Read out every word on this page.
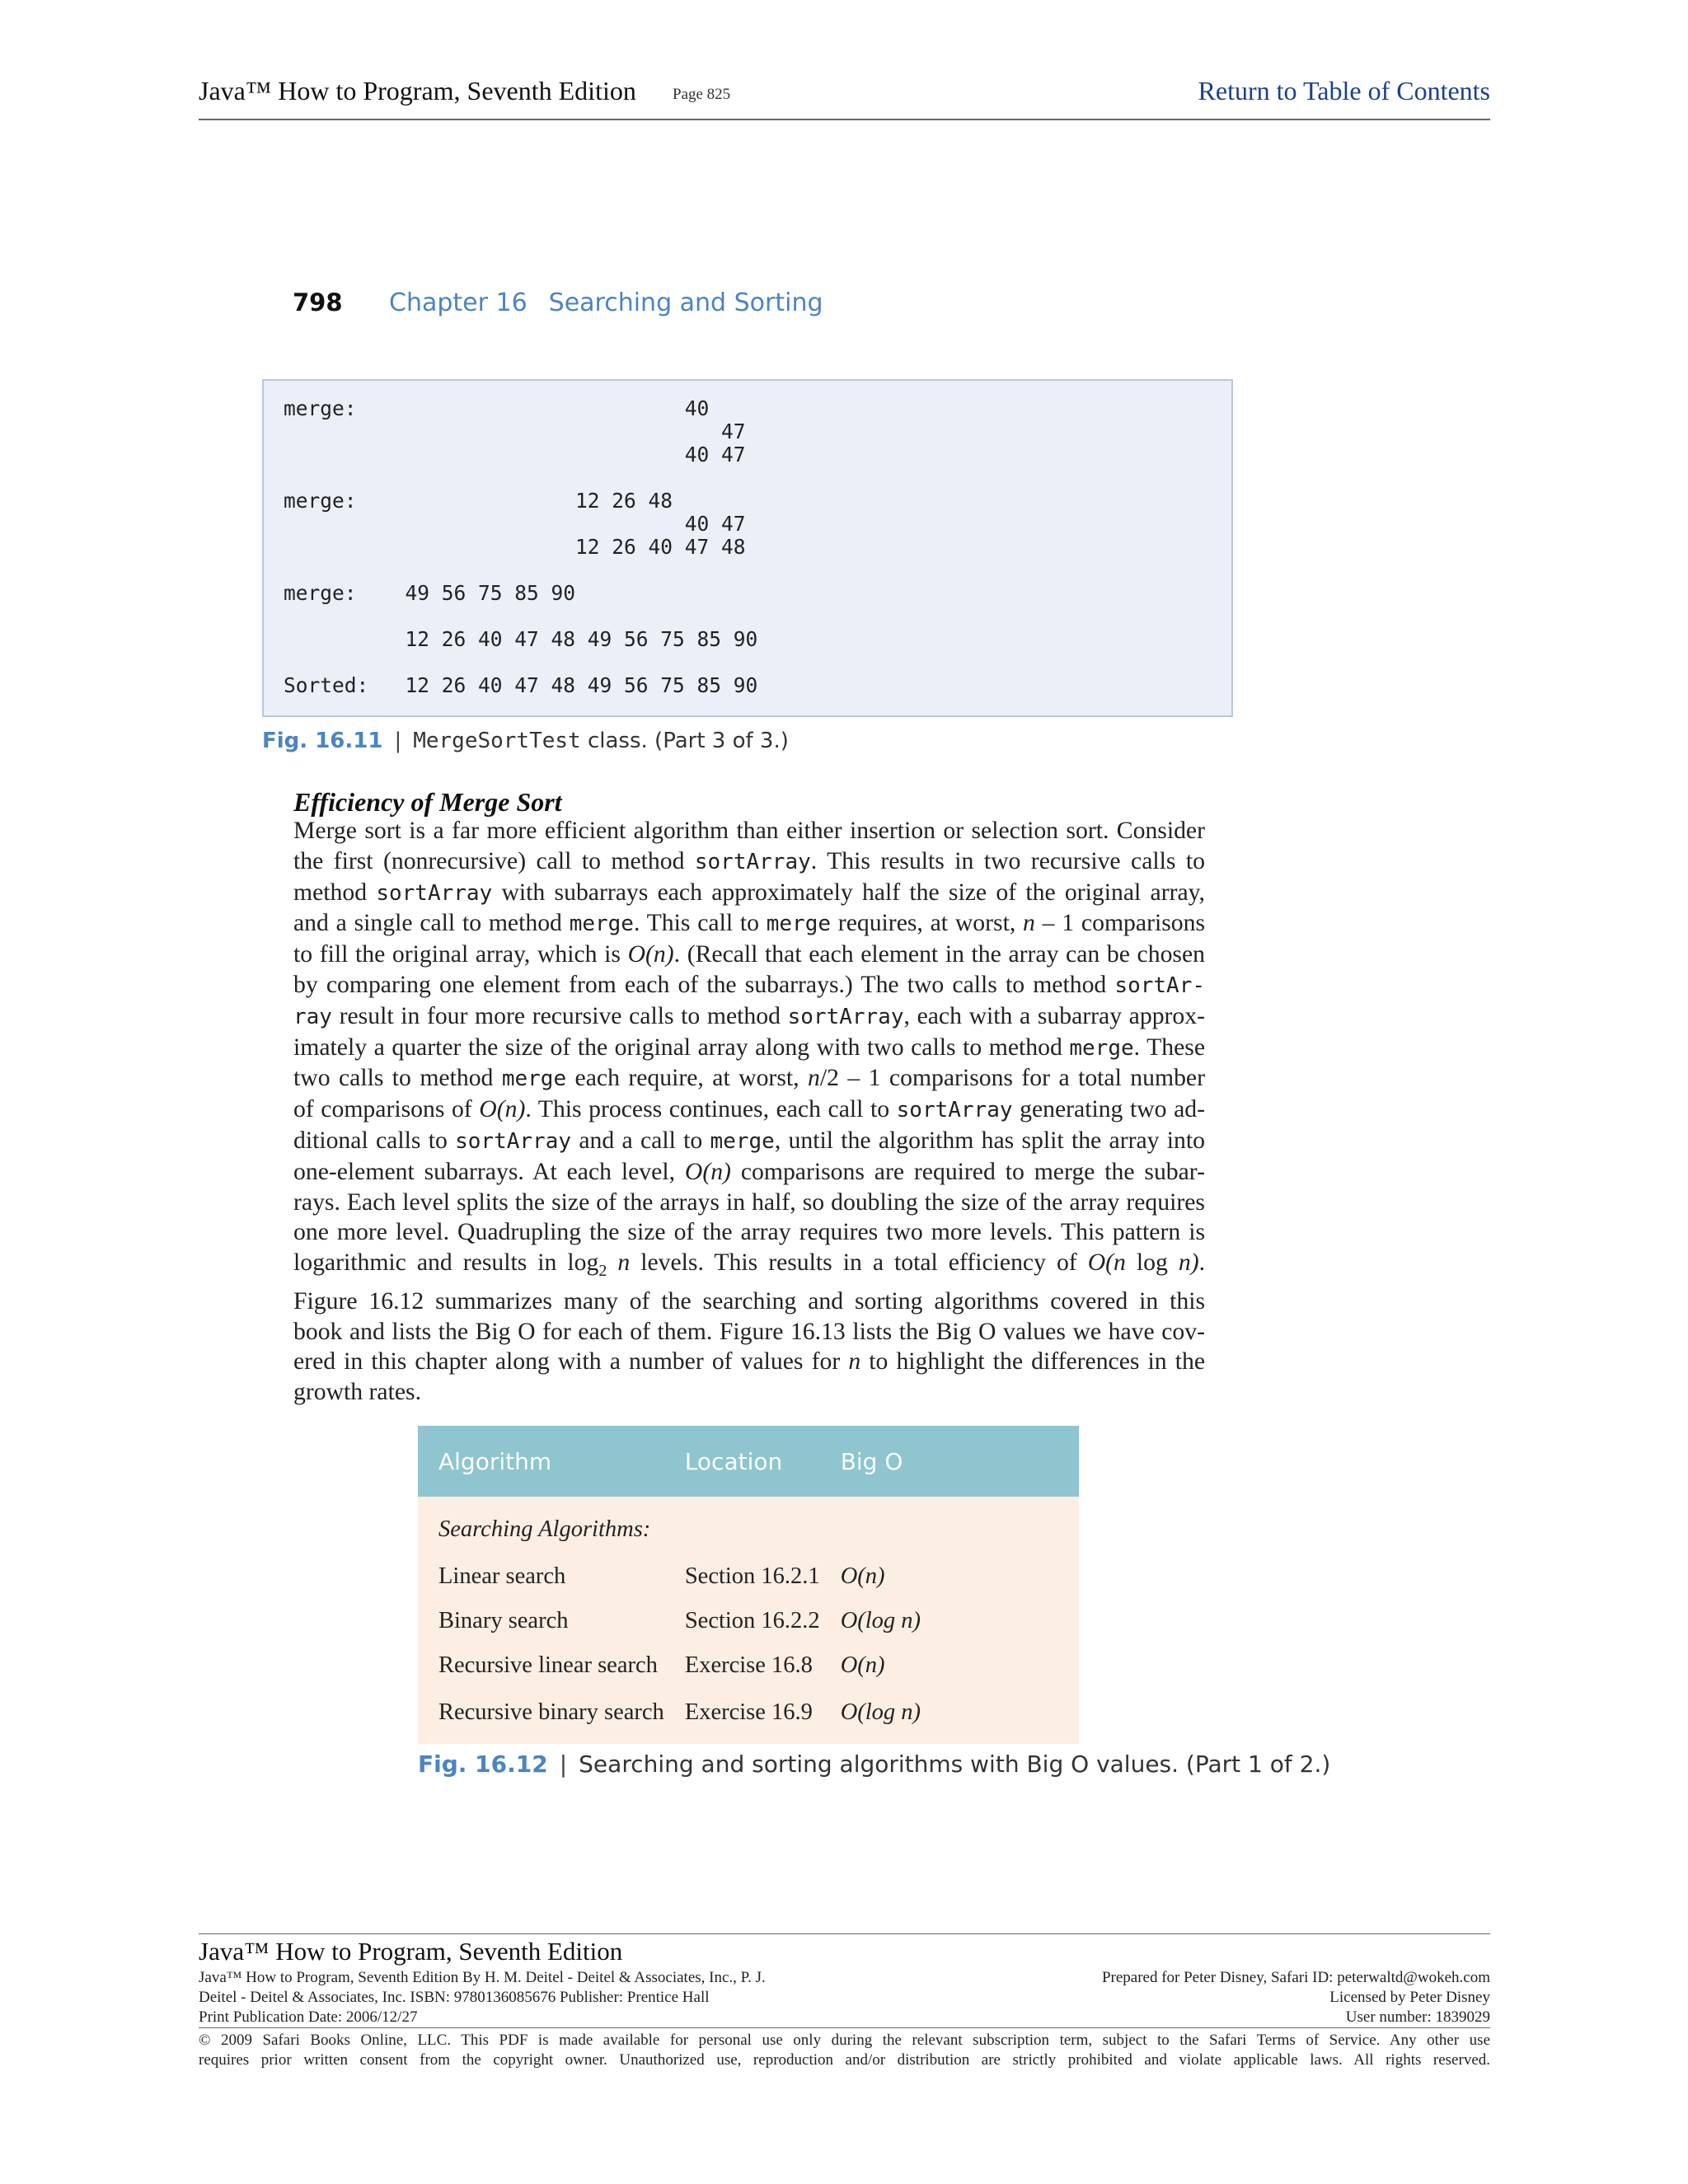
Java™ How to Program, Seventh Edition Page 825	Return to Table of Contents
798 Chapter 16 Searching and Sorting
merge:                           40
47
40 47

merge:                  12 26 48
40 47
12 26 40 47 48

merge:    49 56 75 85 90

12 26 40 47 48 49 56 75 85 90

Sorted:   12 26 40 47 48 49 56 75 85 90
Fig. 16.11 | MergeSortTest class. (Part 3 of 3.)
Efficiency of Merge Sort
Merge sort is a far more efficient algorithm than either insertion or selection sort. Consider
the first (nonrecursive) call to method sortArray. This results in two recursive calls to
method sortArray with subarrays each approximately half the size of the original array,
and a single call to method merge. This call to merge requires, at worst, n – 1 comparisons
to fill the original array, which is O(n). (Recall that each element in the array can be chosen
by comparing one element from each of the subarrays.) The two calls to method sortAr-
ray result in four more recursive calls to method sortArray, each with a subarray approx-
imately a quarter the size of the original array along with two calls to method merge. These
two calls to method merge each require, at worst, n/2 – 1 comparisons for a total number
of comparisons of O(n). This process continues, each call to sortArray generating two ad-
ditional calls to sortArray and a call to merge, until the algorithm has split the array into
one-element subarrays. At each level, O(n) comparisons are required to merge the subar-
rays. Each level splits the size of the arrays in half, so doubling the size of the array requires
one more level. Quadrupling the size of the array requires two more levels. This pattern is
logarithmic and results in $\log_2 n$ levels. This results in a total efficiency of O(n log n).
Figure 16.12 summarizes many of the searching and sorting algorithms covered in this
book and lists the Big O for each of them. Figure 16.13 lists the Big O values we have cov-
ered in this chapter along with a number of values for n to highlight the differences in the
growth rates.
Algorithm	Location	Big O
Searching Algorithms:		
Linear search	Section 16.2.1	O(n)
Binary search	Section 16.2.2	O(log n)
Recursive linear search	Exercise 16.8	O(n)
Recursive binary search	Exercise 16.9	O(log n)
Fig. 16.12 | Searching and sorting algorithms with Big O values. (Part 1 of 2.)
Java™ How to Program, Seventh Edition
Java™ How to Program, Seventh Edition By H. M. Deitel - Deitel & Associates, Inc., P. J.
Deitel - Deitel & Associates, Inc. ISBN: 9780136085676 Publisher: Prentice Hall
Print Publication Date: 2006/12/27
Prepared for Peter Disney, Safari ID: peterwaltd@wokeh.com
Licensed by Peter Disney
User number: 1839029
© 2009 Safari Books Online, LLC. This PDF is made available for personal use only during the relevant subscription term, subject to the Safari Terms of Service. Any other use
requires prior written consent from the copyright owner. Unauthorized use, reproduction and/or distribution are strictly prohibited and violate applicable laws. All rights reserved.
